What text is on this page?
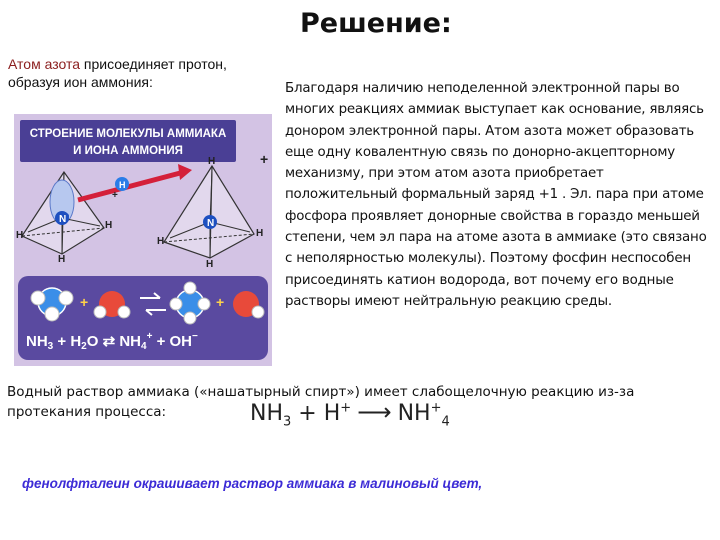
Решение:
Атом азота присоединяет протон, образуя ион аммония:
СТРОЕНИЕ МОЛЕКУЛЫ АММИАКА
И ИОНА АММОНИЯ
N
H
H
H
H
+
N
H
H
H
H
+
+	+
$NH_3 + H_2O$ ⇄ $NH_4^+ + OH^-$

Благодаря наличию неподеленной электронной пары во многих реакциях аммиак выступает как основание, являясь донором электронной пары. Атом азота может образовать еще одну ковалентную связь по донорно-акцепторному механизму, при этом атом азота приобретает положительный формальный заряд +1 . Эл. пара при атоме фосфора проявляет донорные свойства в гораздо меньшей степени, чем эл пара на атоме азота в аммиаке (это связано с неполярностью молекулы). Поэтому фосфин неспособен присоединять катион водорода, вот почему его водные растворы имеют нейтральную реакцию среды.

Водный раствор аммиака («нашатырный спирт») имеет слабощелочную реакцию из-за протекания процесса:	$NH_3 + H^+$ ⟶ $NH^+_4$
фенолфталеин окрашивает раствор аммиака в малиновый цвет,
